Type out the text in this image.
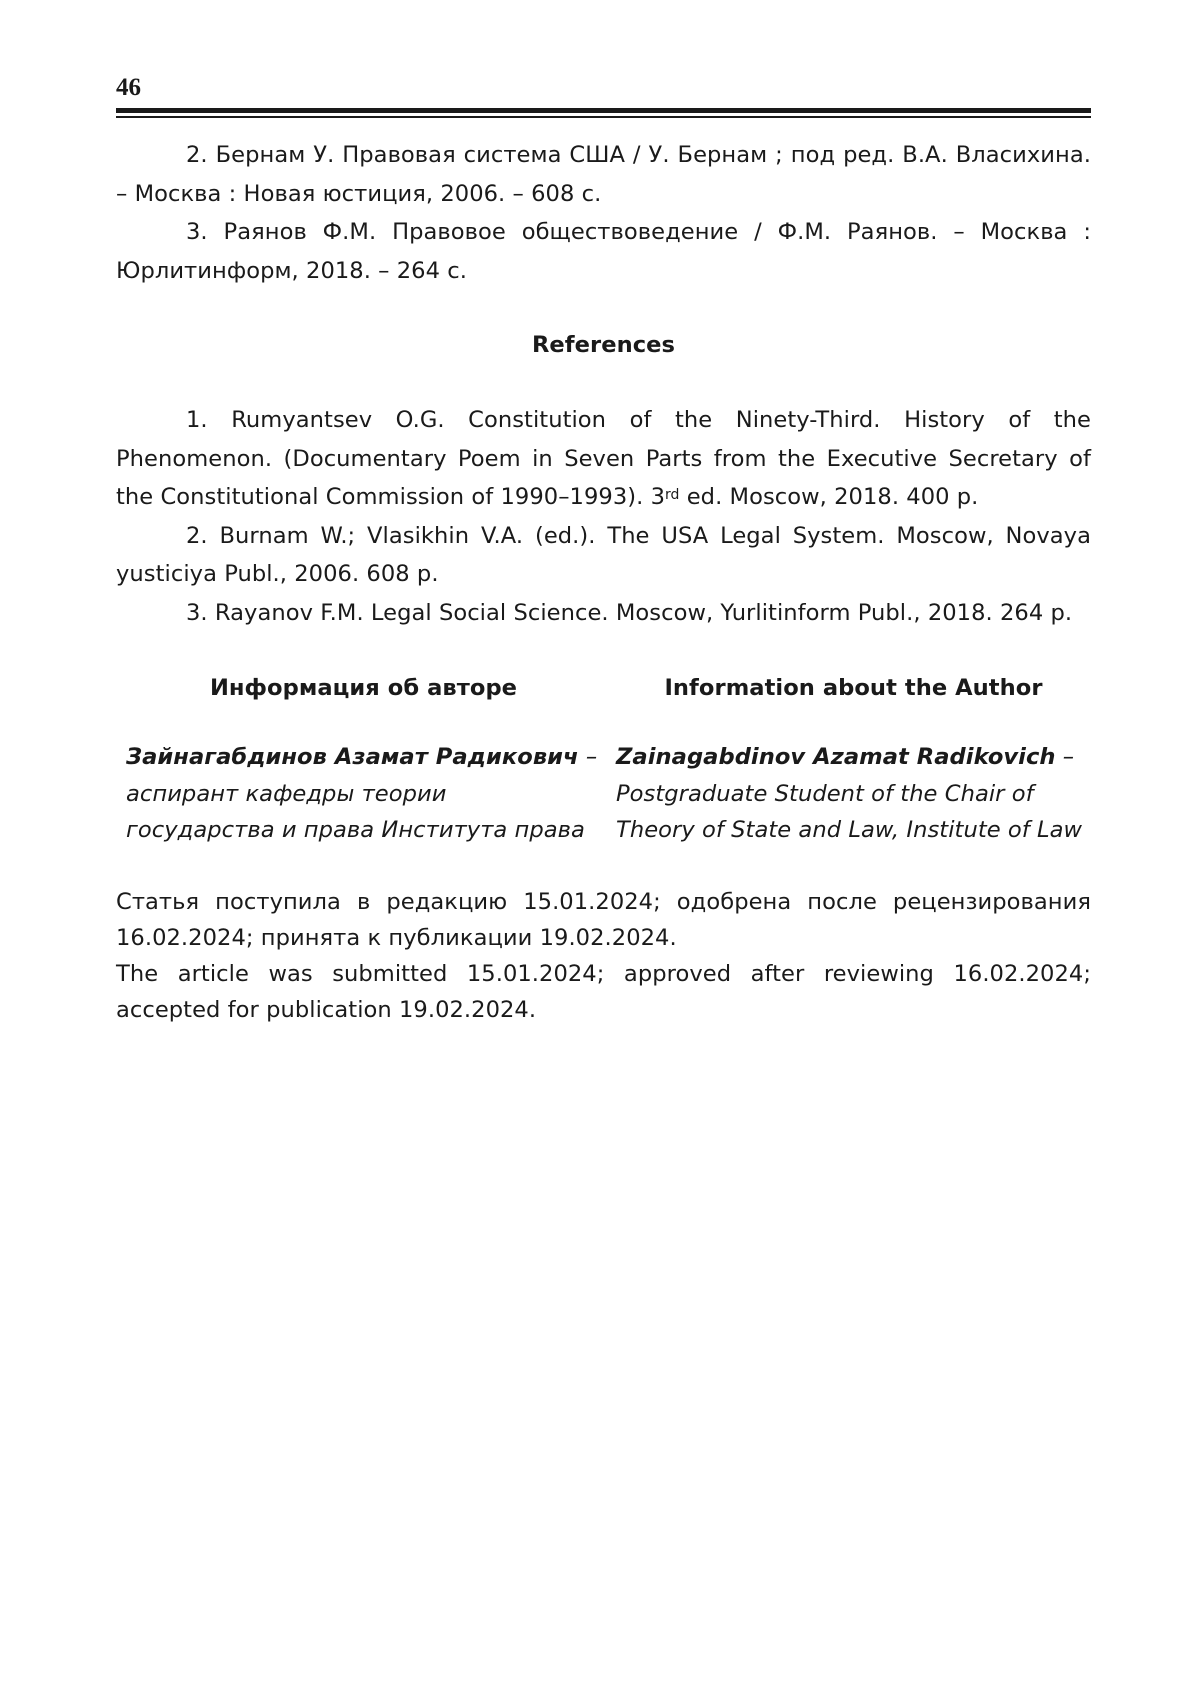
46

2. Бернам У. Правовая система США / У. Бернам ; под ред. В.А. Власихина. – Москва : Новая юстиция, 2006. – 608 с.

3. Раянов Ф.М. Правовое обществоведение / Ф.М. Раянов. – Москва : Юрлитинформ, 2018. – 264 с.

References

1. Rumyantsev O.G. Constitution of the Ninety-Third. History of the Phenomenon. (Documentary Poem in Seven Parts from the Executive Secretary of the Constitutional Commission of 1990–1993). 3rd ed. Moscow, 2018. 400 p.

2. Burnam W.; Vlasikhin V.A. (ed.). The USA Legal System. Moscow, Novaya yusticiya Publ., 2006. 608 p.

3. Rayanov F.M. Legal Social Science. Moscow, Yurlitinform Publ., 2018. 264 p.

Информация об авторе

Зайнагабдинов Азамат Радикович – аспирант кафедры теории государства и права Института права

Information about the Author

Zainagabdinov Azamat Radikovich – Postgraduate Student of the Chair of Theory of State and Law, Institute of Law

Статья поступила в редакцию 15.01.2024; одобрена после рецензирования 16.02.2024; принята к публикации 19.02.2024.

The article was submitted 15.01.2024; approved after reviewing 16.02.2024; accepted for publication 19.02.2024.
